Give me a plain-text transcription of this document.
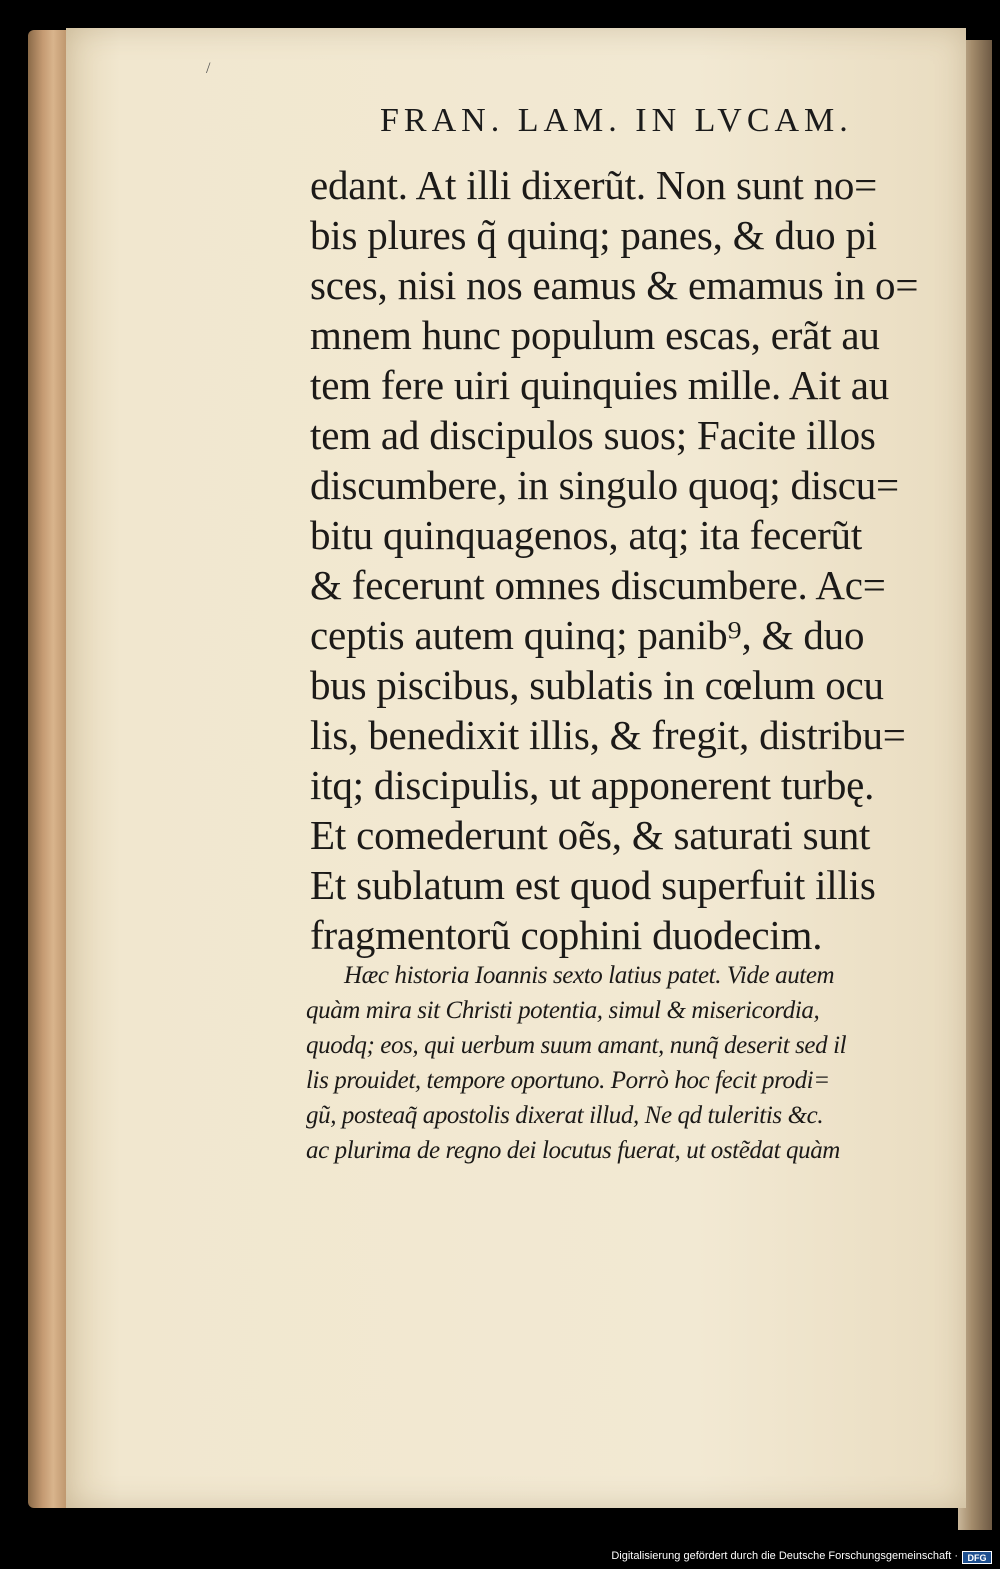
/
FRAN. LAM. IN LVCAM.
edant. At illi dixerũt. Non sunt no=
bis plures q̃ quinq; panes, & duo pi
sces, nisi nos eamus & emamus in o=
mnem hunc populum escas, erãt au
tem fere uiri quinquies mille. Ait au
tem ad discipulos suos; Facite illos
discumbere, in singulo quoq; discu=
bitu quinquagenos, atq; ita fecerũt
& fecerunt omnes discumbere. Ac=
ceptis autem quinq; panib⁹, & duo
bus piscibus, sublatis in cœlum ocu
lis, benedixit illis, & fregit, distribu=
itq; discipulis, ut apponerent turbę.
Et comederunt oẽs, & saturati sunt
Et sublatum est quod superfuit illis
fragmentorũ cophini duodecim.
Hæc historia Ioannis sexto latius patet. Vide autem
quàm mira sit Christi potentia, simul & misericordia,
quodq; eos, qui uerbum suum amant, nunq̃ deserit sed il
lis prouidet, tempore oportuno. Porrò hoc fecit prodi=
gũ, posteaq̃ apostolis dixerat illud, Ne qd tuleritis &c.
ac plurima de regno dei locutus fuerat, ut ostẽdat quàm
Digitalisierung gefördert durch die Deutsche Forschungsgemeinschaft ·	DFG
